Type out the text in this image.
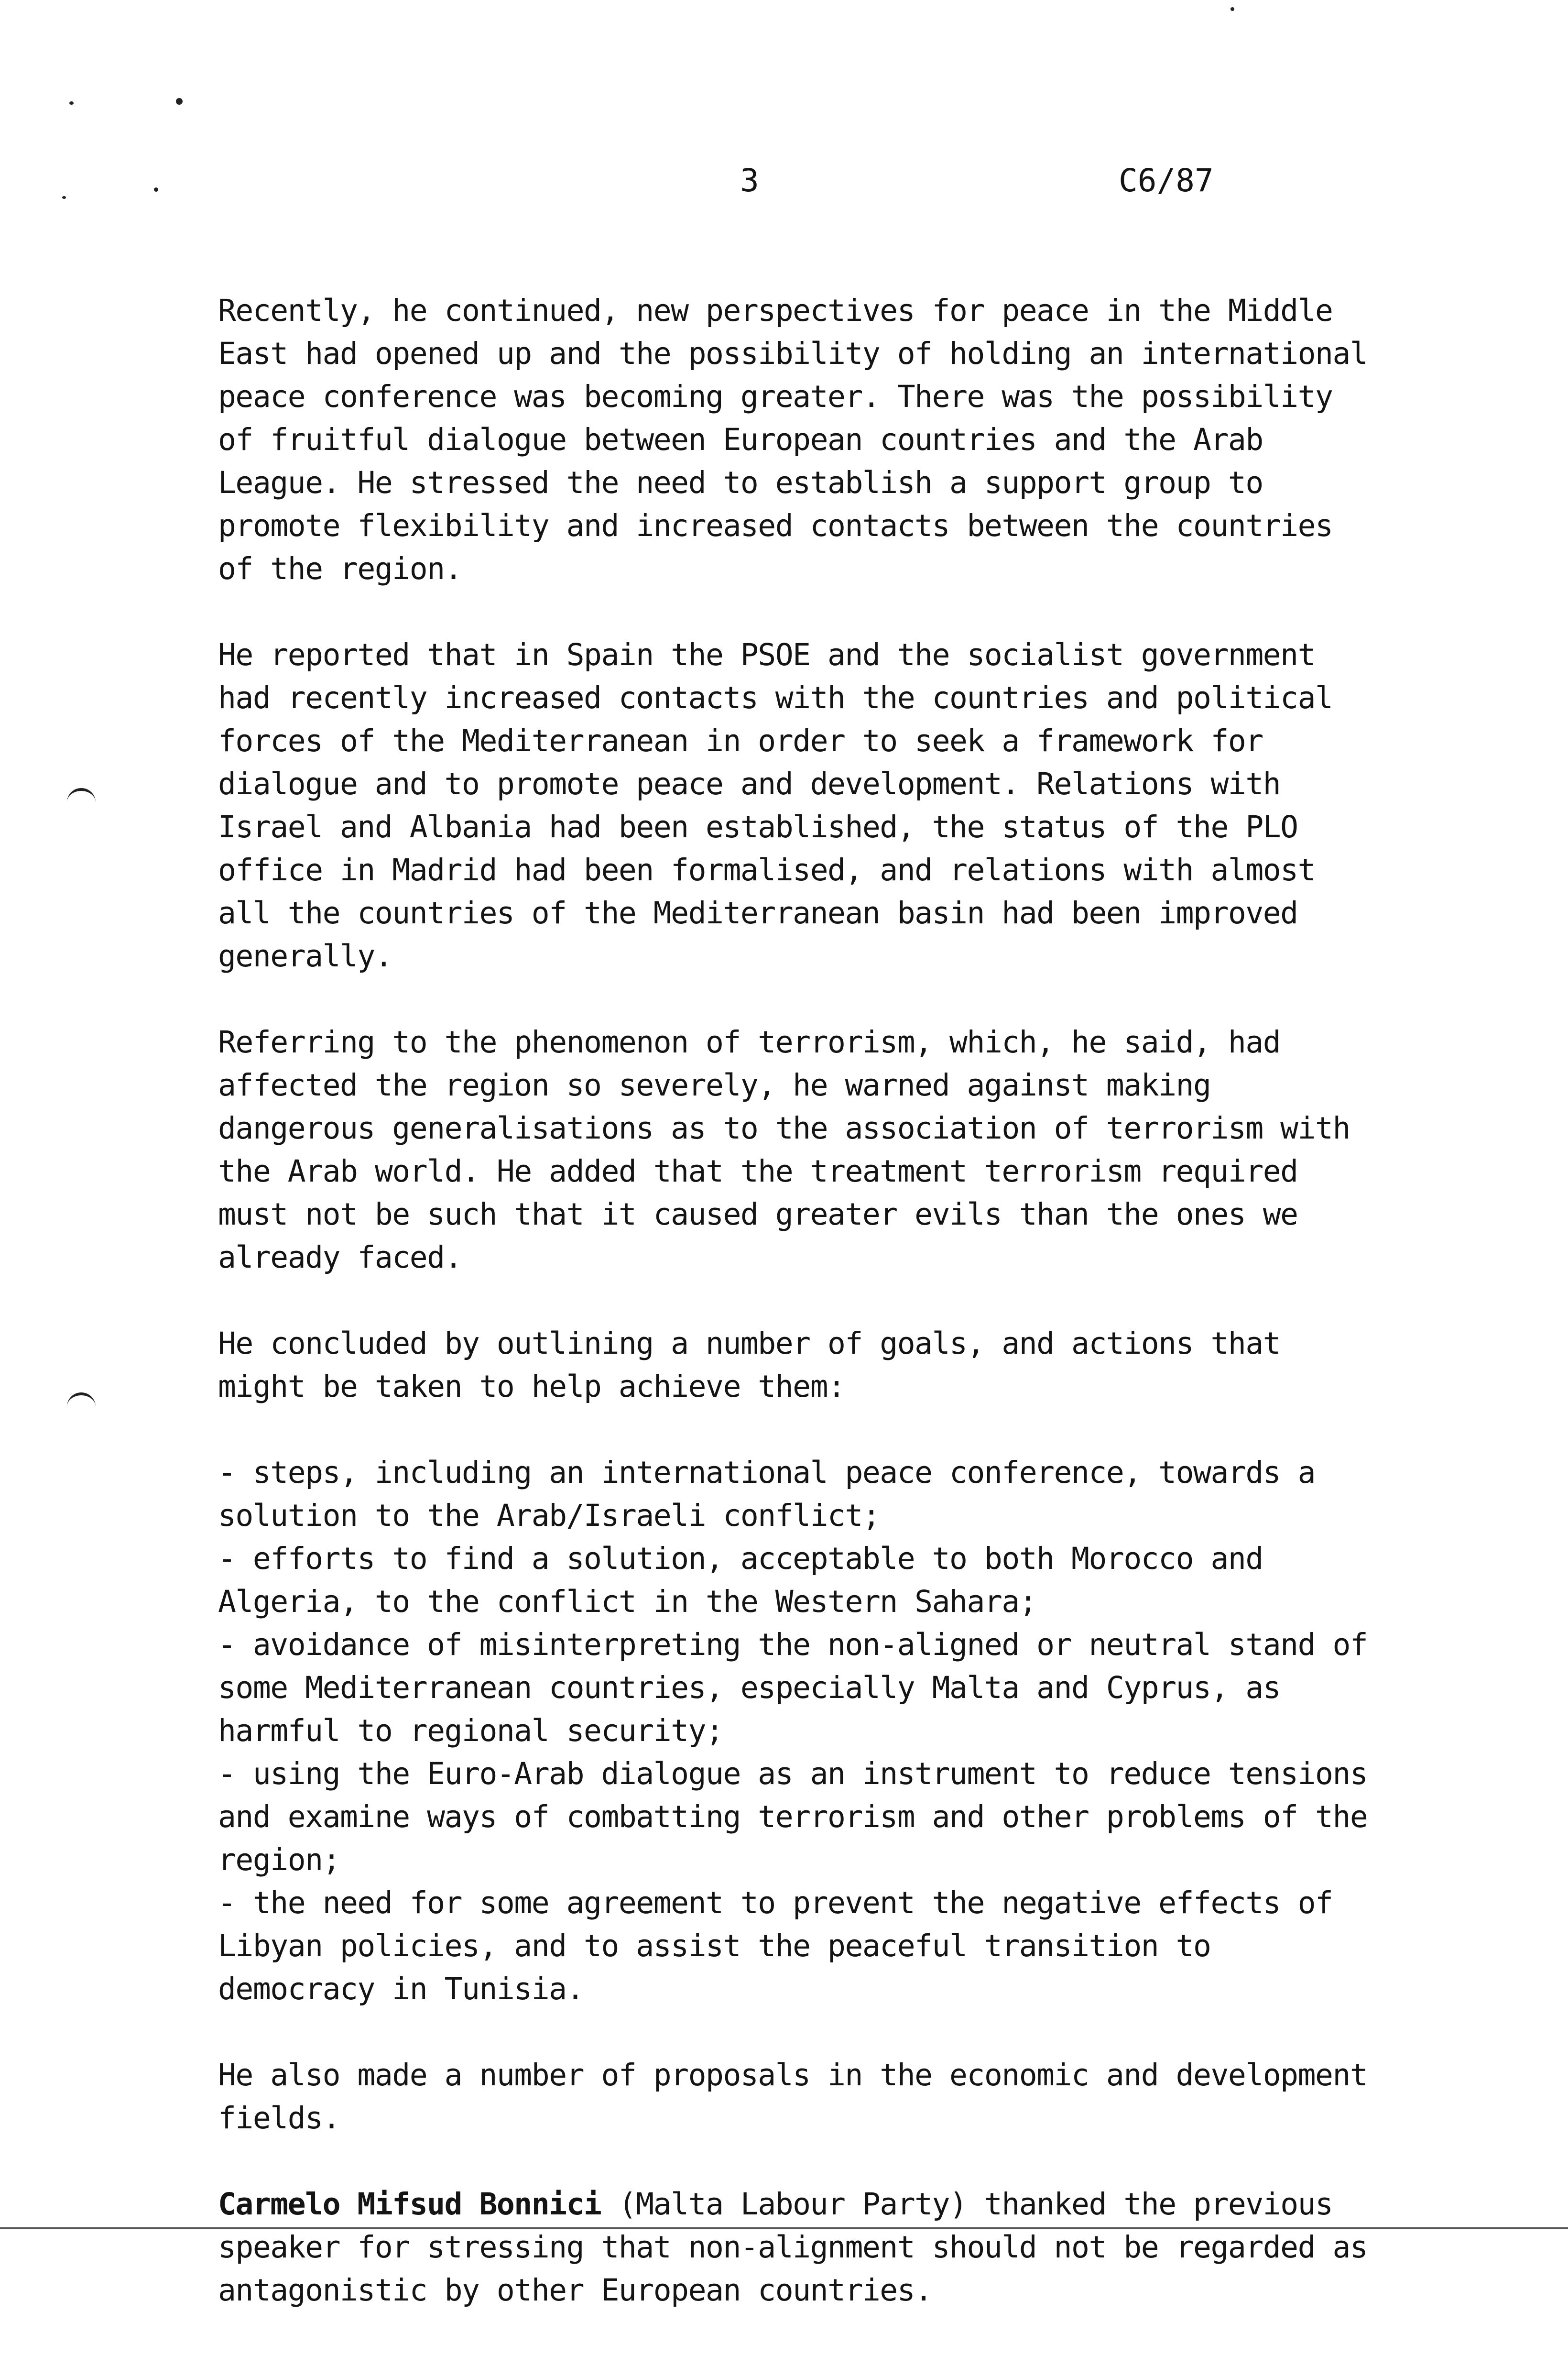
3	C6/87

Recently, he continued, new perspectives for peace in the Middle East had opened up and the possibility of holding an international peace conference was becoming greater. There was the possibility of fruitful dialogue between European countries and the Arab League. He stressed the need to establish a support group to promote flexibility and increased contacts between the countries of the region.

He reported that in Spain the PSOE and the socialist government had recently increased contacts with the countries and political forces of the Mediterranean in order to seek a framework for dialogue and to promote peace and development. Relations with Israel and Albania had been established, the status of the PLO office in Madrid had been formalised, and relations with almost all the countries of the Mediterranean basin had been improved generally.

Referring to the phenomenon of terrorism, which, he said, had affected the region so severely, he warned against making dangerous generalisations as to the association of terrorism with the Arab world. He added that the treatment terrorism required must not be such that it caused greater evils than the ones we already faced.

He concluded by outlining a number of goals, and actions that might be taken to help achieve them:

- steps, including an international peace conference, towards a solution to the Arab/Israeli conflict;
- efforts to find a solution, acceptable to both Morocco and Algeria, to the conflict in the Western Sahara;
- avoidance of misinterpreting the non-aligned or neutral stand of some Mediterranean countries, especially Malta and Cyprus, as harmful to regional security;
- using the Euro-Arab dialogue as an instrument to reduce tensions and examine ways of combatting terrorism and other problems of the region;
- the need for some agreement to prevent the negative effects of Libyan policies, and to assist the peaceful transition to democracy in Tunisia.

He also made a number of proposals in the economic and development fields.

Carmelo Mifsud Bonnici (Malta Labour Party) thanked the previous speaker for stressing that non-alignment should not be regarded as antagonistic by other European countries.
